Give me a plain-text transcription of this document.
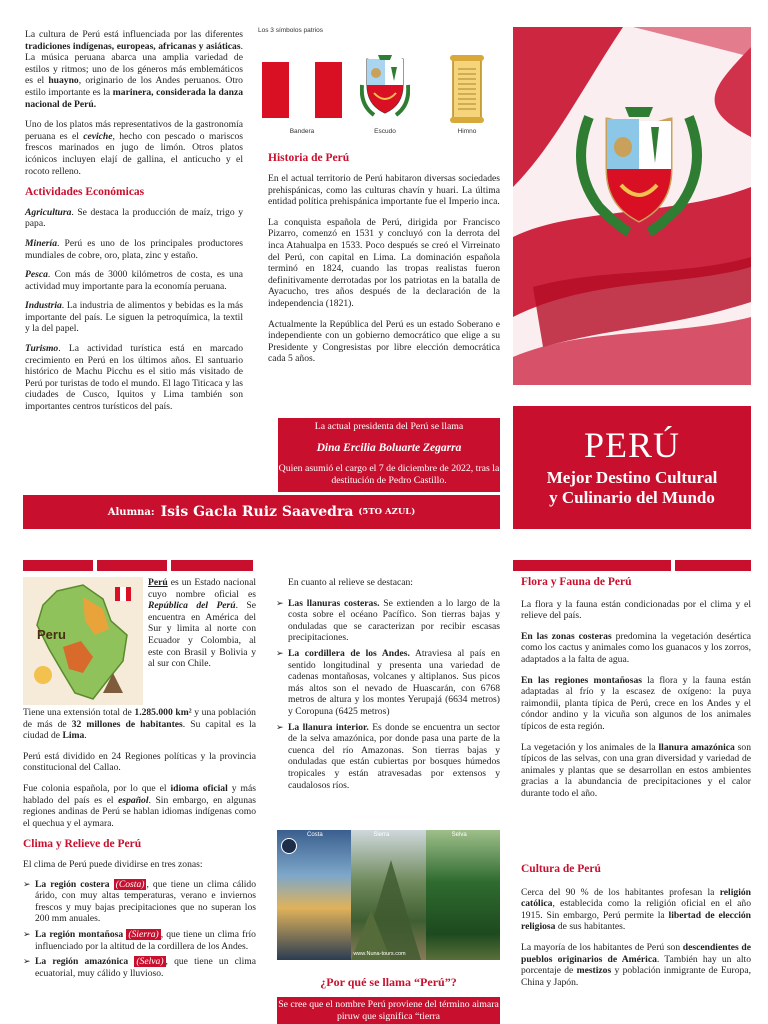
La cultura de Perú está influenciada por las diferentes tradiciones indígenas, europeas, africanas y asiáticas. La música peruana abarca una amplia variedad de estilos y ritmos; uno de los géneros más emblemáticos es el huayno, originario de los Andes peruanos. Otro estilo importante es la marinera, considerada la danza nacional de Perú.

Uno de los platos más representativos de la gastronomía peruana es el ceviche, hecho con pescado o mariscos frescos marinados en jugo de limón. Otros platos icónicos incluyen elají de gallina, el anticucho y el rocoto relleno.

Actividades Económicas

Agricultura. Se destaca la producción de maíz, trigo y papa.

Minería. Perú es uno de los principales productores mundiales de cobre, oro, plata, zinc y estaño.

Pesca. Con más de 3000 kilómetros de costa, es una actividad muy importante para la economía peruana.

Industria. La industria de alimentos y bebidas es la más importante del país. Le siguen la petroquímica, la textil y la del papel.

Turismo. La actividad turística está en marcado crecimiento en Perú en los últimos años. El santuario histórico de Machu Picchu es el sitio más visitado de Perú por turistas de todo el mundo. El lago Titicaca y las ciudades de Cusco, Iquitos y Lima también son importantes centros turísticos del país.

Los 3 símbolos patrios
Bandera	Escudo	Himno
Historia de Perú

En el actual territorio de Perú habitaron diversas sociedades prehispánicas, como las culturas chavín y huari. La última entidad política prehispánica importante fue el Imperio inca.

La conquista española de Perú, dirigida por Francisco Pizarro, comenzó en 1531 y concluyó con la derrota del inca Atahualpa en 1533. Poco después se creó el Virreinato del Perú, con capital en Lima. La dominación española terminó en 1824, cuando las tropas realistas fueron definitivamente derrotadas por los patriotas en la batalla de Ayacucho, tres años después de la declaración de la independencia (1821).

Actualmente la República del Perú es un estado Soberano e independiente con un gobierno democrático que elige a su Presidente y Congresistas por libre elección democrática cada 5 años.

La actual presidenta del Perú se llama
Dina Ercilia Boluarte Zegarra
Quien asumió el cargo el 7 de diciembre de 2022, tras la destitución de Pedro Castillo.
PERÚ
Mejor Destino Cultural
y Culinario del Mundo
Alumna: Isis Gacla Ruiz Saavedra (5TO AZUL)
Peru

Perú es un Estado nacional cuyo nombre oficial es República del Perú. Se encuentra en América del Sur y limita al norte con Ecuador y Colombia, al este con Brasil y Bolivia y al sur con Chile.

Tiene una extensión total de 1.285.000 km² y una población de más de 32 millones de habitantes. Su capital es la ciudad de Lima.

Perú está dividido en 24 Regiones políticas y la provincia constitucional del Callao.

Fue colonia española, por lo que el idioma oficial y más hablado del país es el español. Sin embargo, en algunas regiones andinas de Perú se hablan idiomas indígenas como el quechua y el aymara.

Clima y Relieve de Perú

El clima de Perú puede dividirse en tres zonas:

➢ La región costera (Costa) , que tiene un clima cálido árido, con muy altas temperaturas, verano e inviernos frescos y muy bajas precipitaciones que no superan los 200 mm anuales.
➢ La región montañosa (Sierra) , que tiene un clima frío influenciado por la altitud de la cordillera de los Andes.
➢ La región amazónica (Selva) , que tiene un clima ecuatorial, muy cálido y lluvioso.

En cuanto al relieve se destacan:

➢ Las llanuras costeras. Se extienden a lo largo de la costa sobre el océano Pacífico. Son tierras bajas y onduladas que se caracterizan por recibir escasas precipitaciones.
➢ La cordillera de los Andes. Atraviesa al país en sentido longitudinal y presenta una variedad de cadenas montañosas, volcanes y altiplanos. Sus picos más altos son el nevado de Huascarán, con 6768 metros de altura y los montes Yerupajá (6634 metros) y Coropuna (6425 metros)
➢ La llanura interior. Es donde se encuentra un sector de la selva amazónica, por donde pasa una parte de la cuenca del río Amazonas. Son tierras bajas y onduladas que están cubiertas por bosques húmedos tropicales y están atravesadas por extensos y caudalosos ríos.
Costa	Sierra
www.Nuna-tours.com
Selva
¿Por qué se llama “Perú”?
Se cree que el nombre Perú proviene del término aimara piruw que significa “tierra
Flora y Fauna de Perú

La flora y la fauna están condicionadas por el clima y el relieve del país.

En las zonas costeras predomina la vegetación desértica como los cactus y animales como los guanacos y los zorros, adaptados a la falta de agua.

En las regiones montañosas la flora y la fauna están adaptadas al frío y la escasez de oxígeno: la puya raimondii, planta típica de Perú, crece en los Andes y el cóndor andino y la vicuña son algunos de los animales típicos de esta región.

La vegetación y los animales de la llanura amazónica son típicos de las selvas, con una gran diversidad y variedad de animales y plantas que se desarrollan en estos ambientes gracias a la abundancia de precipitaciones y el calor durante todo el año.

Cultura de Perú

Cerca del 90 % de los habitantes profesan la religión católica, establecida como la religión oficial en el año 1915. Sin embargo, Perú permite la libertad de elección religiosa de sus habitantes.

La mayoría de los habitantes de Perú son descendientes de pueblos originarios de América. También hay un alto porcentaje de mestizos y población inmigrante de Europa, China y Japón.
